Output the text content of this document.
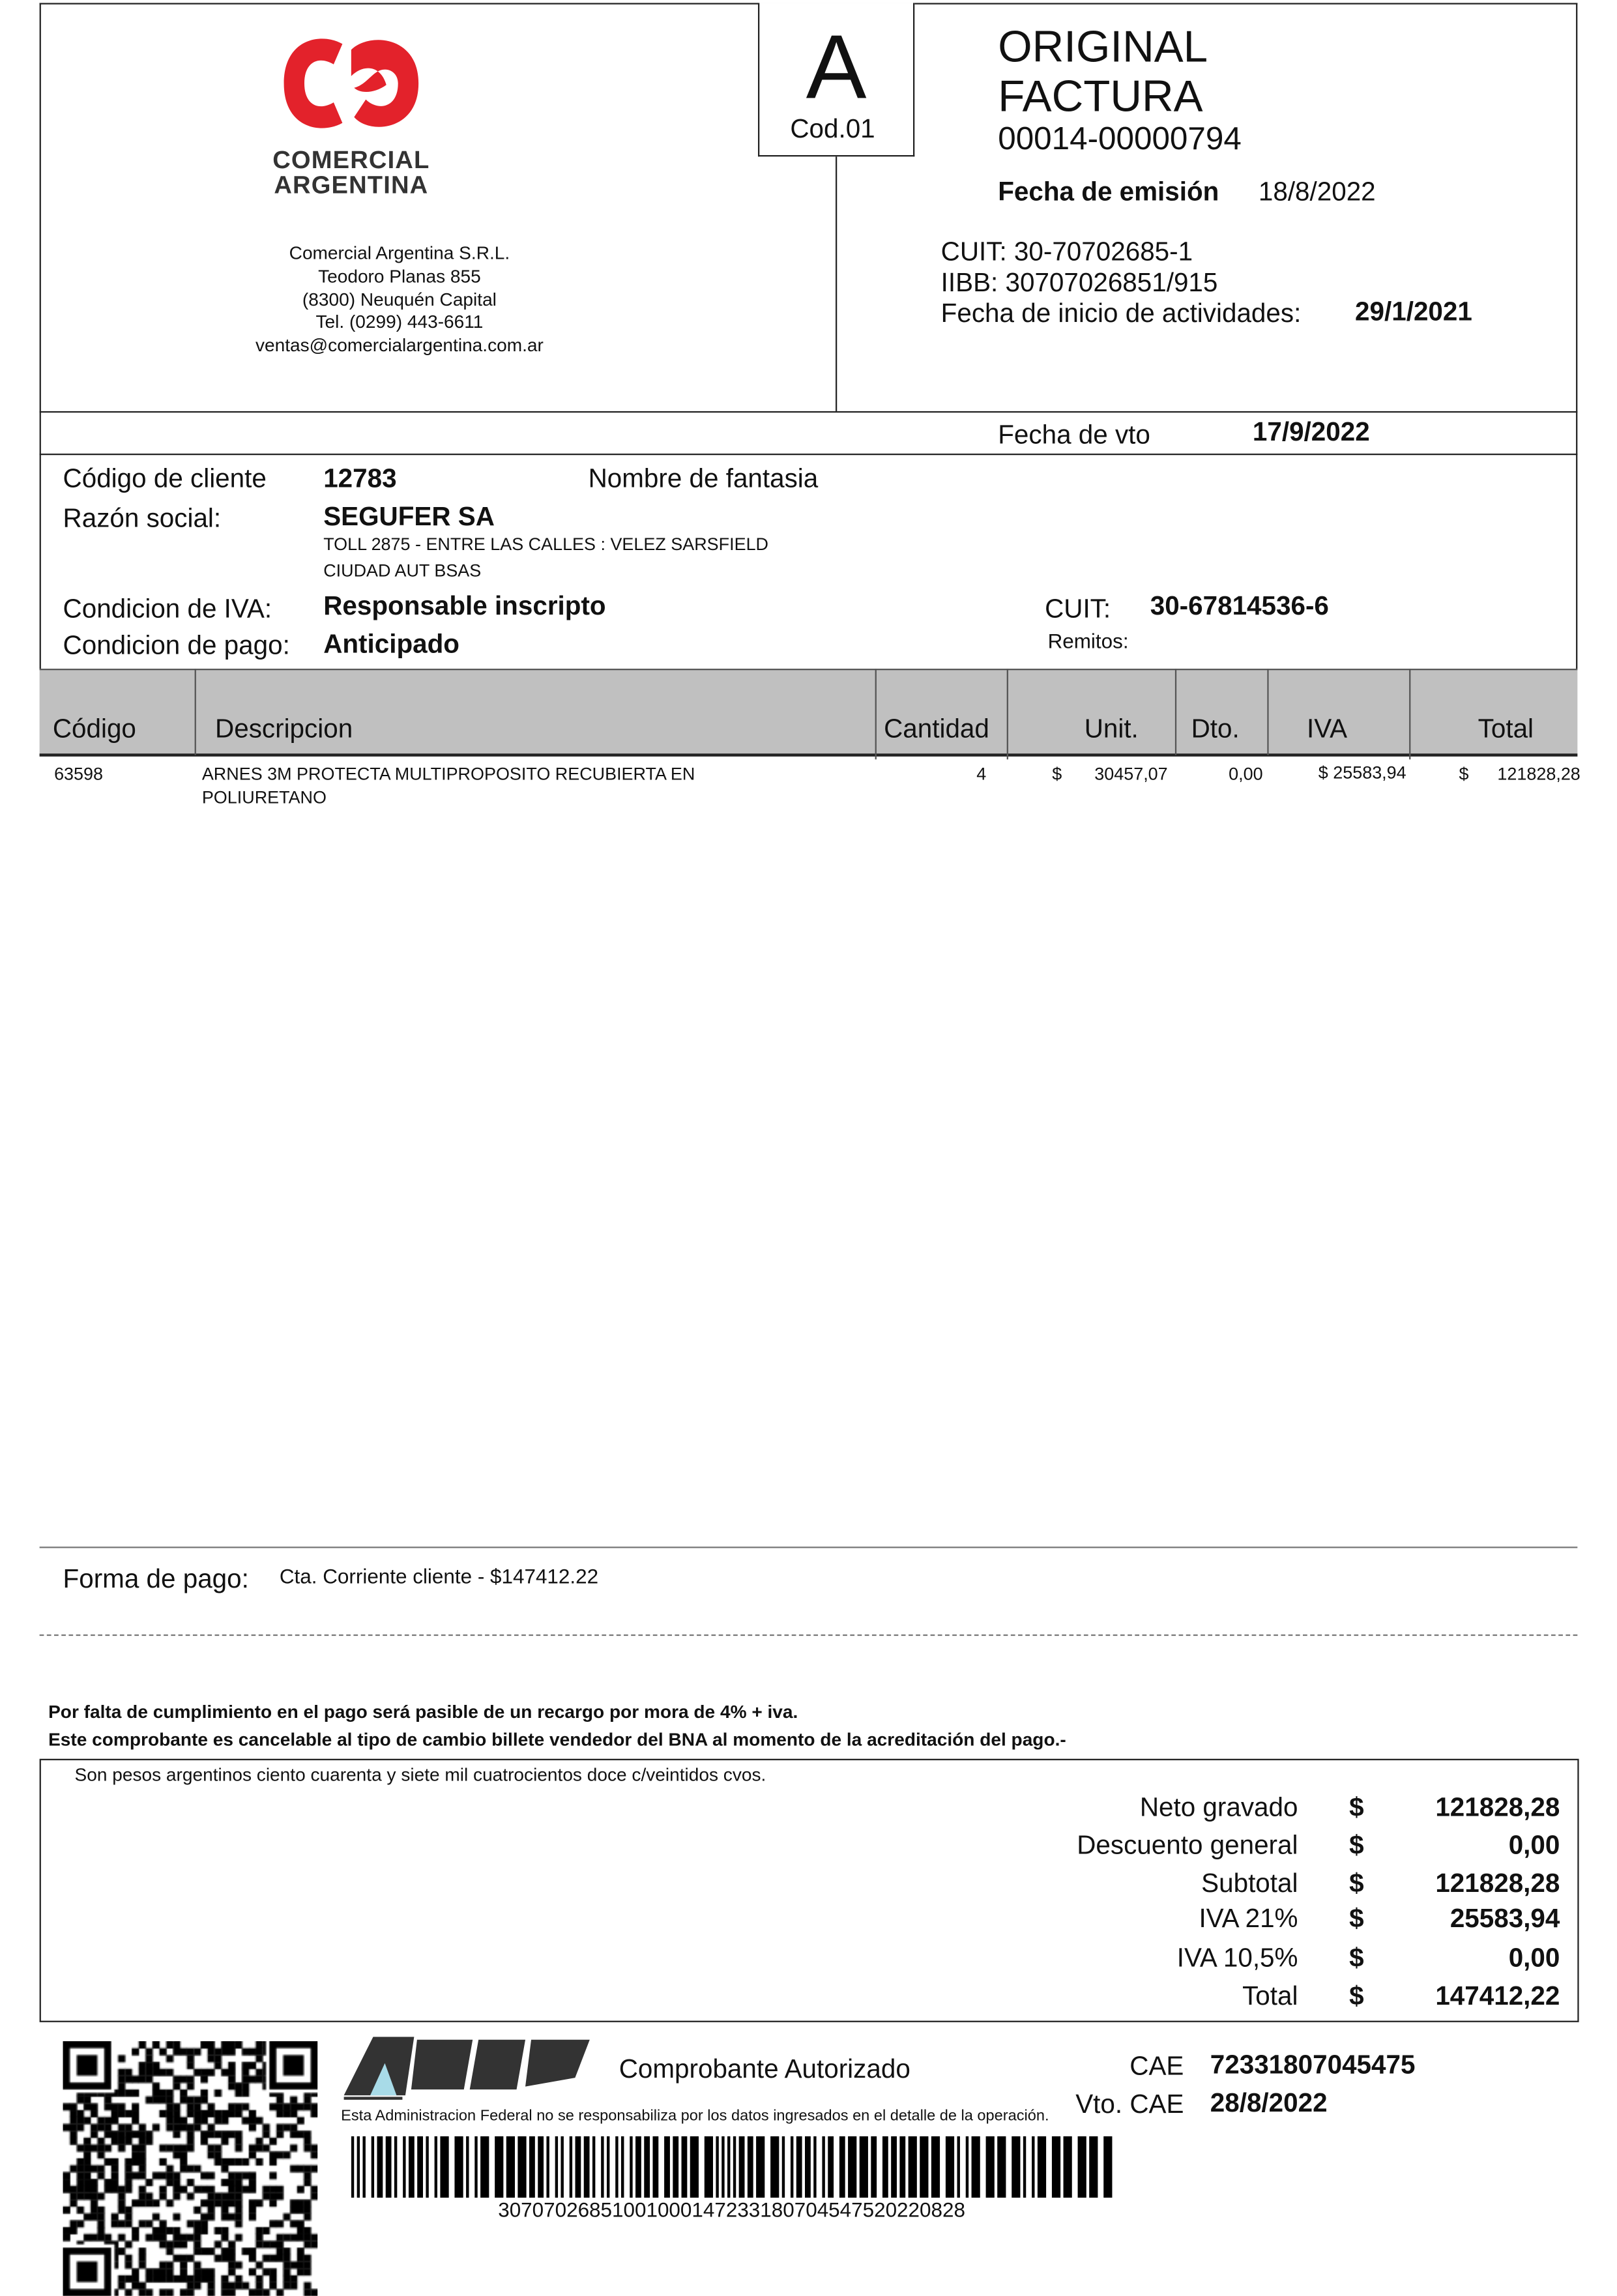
A
Cod.01
COMERCIAL
ARGENTINA
Comercial Argentina S.R.L.
Teodoro Planas 855
(8300) Neuquén Capital
Tel. (0299) 443-6611
ventas@comercialargentina.com.ar
ORIGINAL
FACTURA
00014-00000794
Fecha de emisión	18/8/2022
CUIT: 30-70702685-1
IIBB: 30707026851/915
Fecha de inicio de actividades:	29/1/2021
Fecha de vto	17/9/2022
Código de cliente	12783	Nombre de fantasia
Razón social:	SEGUFER SA
TOLL 2875 - ENTRE LAS CALLES : VELEZ SARSFIELD
CIUDAD AUT BSAS
Condicion de IVA:	Responsable inscripto
Condicion de pago:	Anticipado
CUIT:	30-67814536-6
Remitos:
Código	Descripcion	Cantidad	Unit.	Dto.	IVA	Total
63598	ARNES 3M PROTECTA MULTIPROPOSITO RECUBIERTA EN
POLIURETANO
4	$	30457,07	0,00	$ 25583,94	$	121828,28
Forma de pago:	Cta. Corriente cliente - $147412.22
Por falta de cumplimiento en el pago será pasible de un recargo por mora de 4% + iva.
Este comprobante es cancelable al tipo de cambio billete vendedor del BNA al momento de la acreditación del pago.-
Son pesos argentinos ciento cuarenta y siete mil cuatrocientos doce c/veintidos cvos.
Neto gravado	$	121828,28
Descuento general	$	0,00
Subtotal	$	121828,28
IVA 21%	$	25583,94
IVA 10,5%	$	0,00
Total	$	147412,22
Comprobante Autorizado
Esta Administracion Federal no se responsabiliza por los datos ingresados en el detalle de la operación.
CAE 72331807045475
Vto. CAE 28/8/2022
30707026851001000147233180704547520220828
